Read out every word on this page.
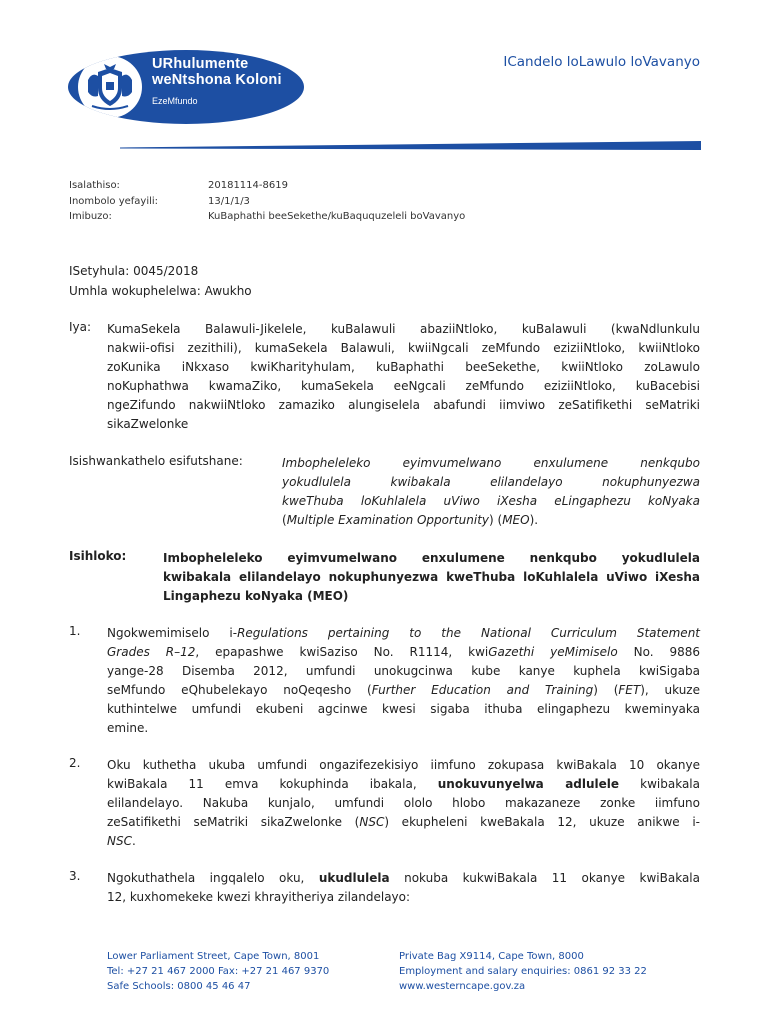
URhulumente
weNtshona Koloni
EzeMfundo
ICandelo loLawulo loVavanyo
Isalathiso:	20181114-8619
Inombolo yefayili:	13/1/1/3
Imibuzo:	KuBaphathi beeSekethe/kuBaququzeleli boVavanyo
ISetyhula: 0045/2018
Umhla wokuphelelwa: Awukho
Iya: KumaSekela Balawuli-Jikelele, kuBalawuli abaziiNtloko, kuBalawuli (kwaNdlunkulu
nakwii-ofisi zezithili), kumaSekela Balawuli, kwiiNgcali zeMfundo eziziiNtloko, kwiiNtloko
zoKunika iNkxaso kwiKharityhulam, kuBaphathi beeSekethe, kwiiNtloko zoLawulo
noKuphathwa kwamaZiko, kumaSekela eeNgcali zeMfundo eziziiNtloko, kuBacebisi
ngeZifundo nakwiiNtloko zamaziko alungiselela abafundi iimviwo zeSatifikethi seMatriki
sikaZwelonke
Isishwankathelo esifutshane:	Imbopheleleko eyimvumelwano enxulumene nenkqubo
yokudlulela kwibakala elilandelayo nokuphunyezwa
kweThuba loKuhlalela uViwo iXesha eLingaphezu koNyaka
(Multiple Examination Opportunity) (MEO).
Isihloko:	Imbopheleleko eyimvumelwano enxulumene nenkqubo yokudlulela
kwibakala elilandelayo nokuphunyezwa kweThuba loKuhlalela uViwo iXesha
Lingaphezu koNyaka (MEO)
1. Ngokwemimiselo i-Regulations pertaining to the National Curriculum Statement
Grades R–12, epapashwe kwiSaziso No. R1114, kwiGazethi yeMimiselo No. 9886
yange-28 Disemba 2012, umfundi unokugcinwa kube kanye kuphela kwiSigaba
seMfundo eQhubelekayo noQeqesho (Further Education and Training) (FET), ukuze
kuthintelwe umfundi ekubeni agcinwe kwesi sigaba ithuba elingaphezu kweminyaka
emine.
2. Oku kuthetha ukuba umfundi ongazifezekisiyo iimfuno zokupasa kwiBakala 10 okanye
kwiBakala 11 emva kokuphinda ibakala, unokuvunyelwa adlulele kwibakala
elilandelayo. Nakuba kunjalo, umfundi ololo hlobo makazaneze zonke iimfuno
zeSatifikethi seMatriki sikaZwelonke (NSC) ekupheleni kweBakala 12, ukuze anikwe i-
NSC.
3. Ngokuthathela ingqalelo oku, ukudlulela nokuba kukwiBakala 11 okanye kwiBakala
12, kuxhomekeke kwezi khrayitheriya zilandelayo:
Lower Parliament Street, Cape Town, 8001
Tel: +27 21 467 2000 Fax: +27 21 467 9370
Safe Schools: 0800 45 46 47
Private Bag X9114, Cape Town, 8000
Employment and salary enquiries: 0861 92 33 22
www.westerncape.gov.za
